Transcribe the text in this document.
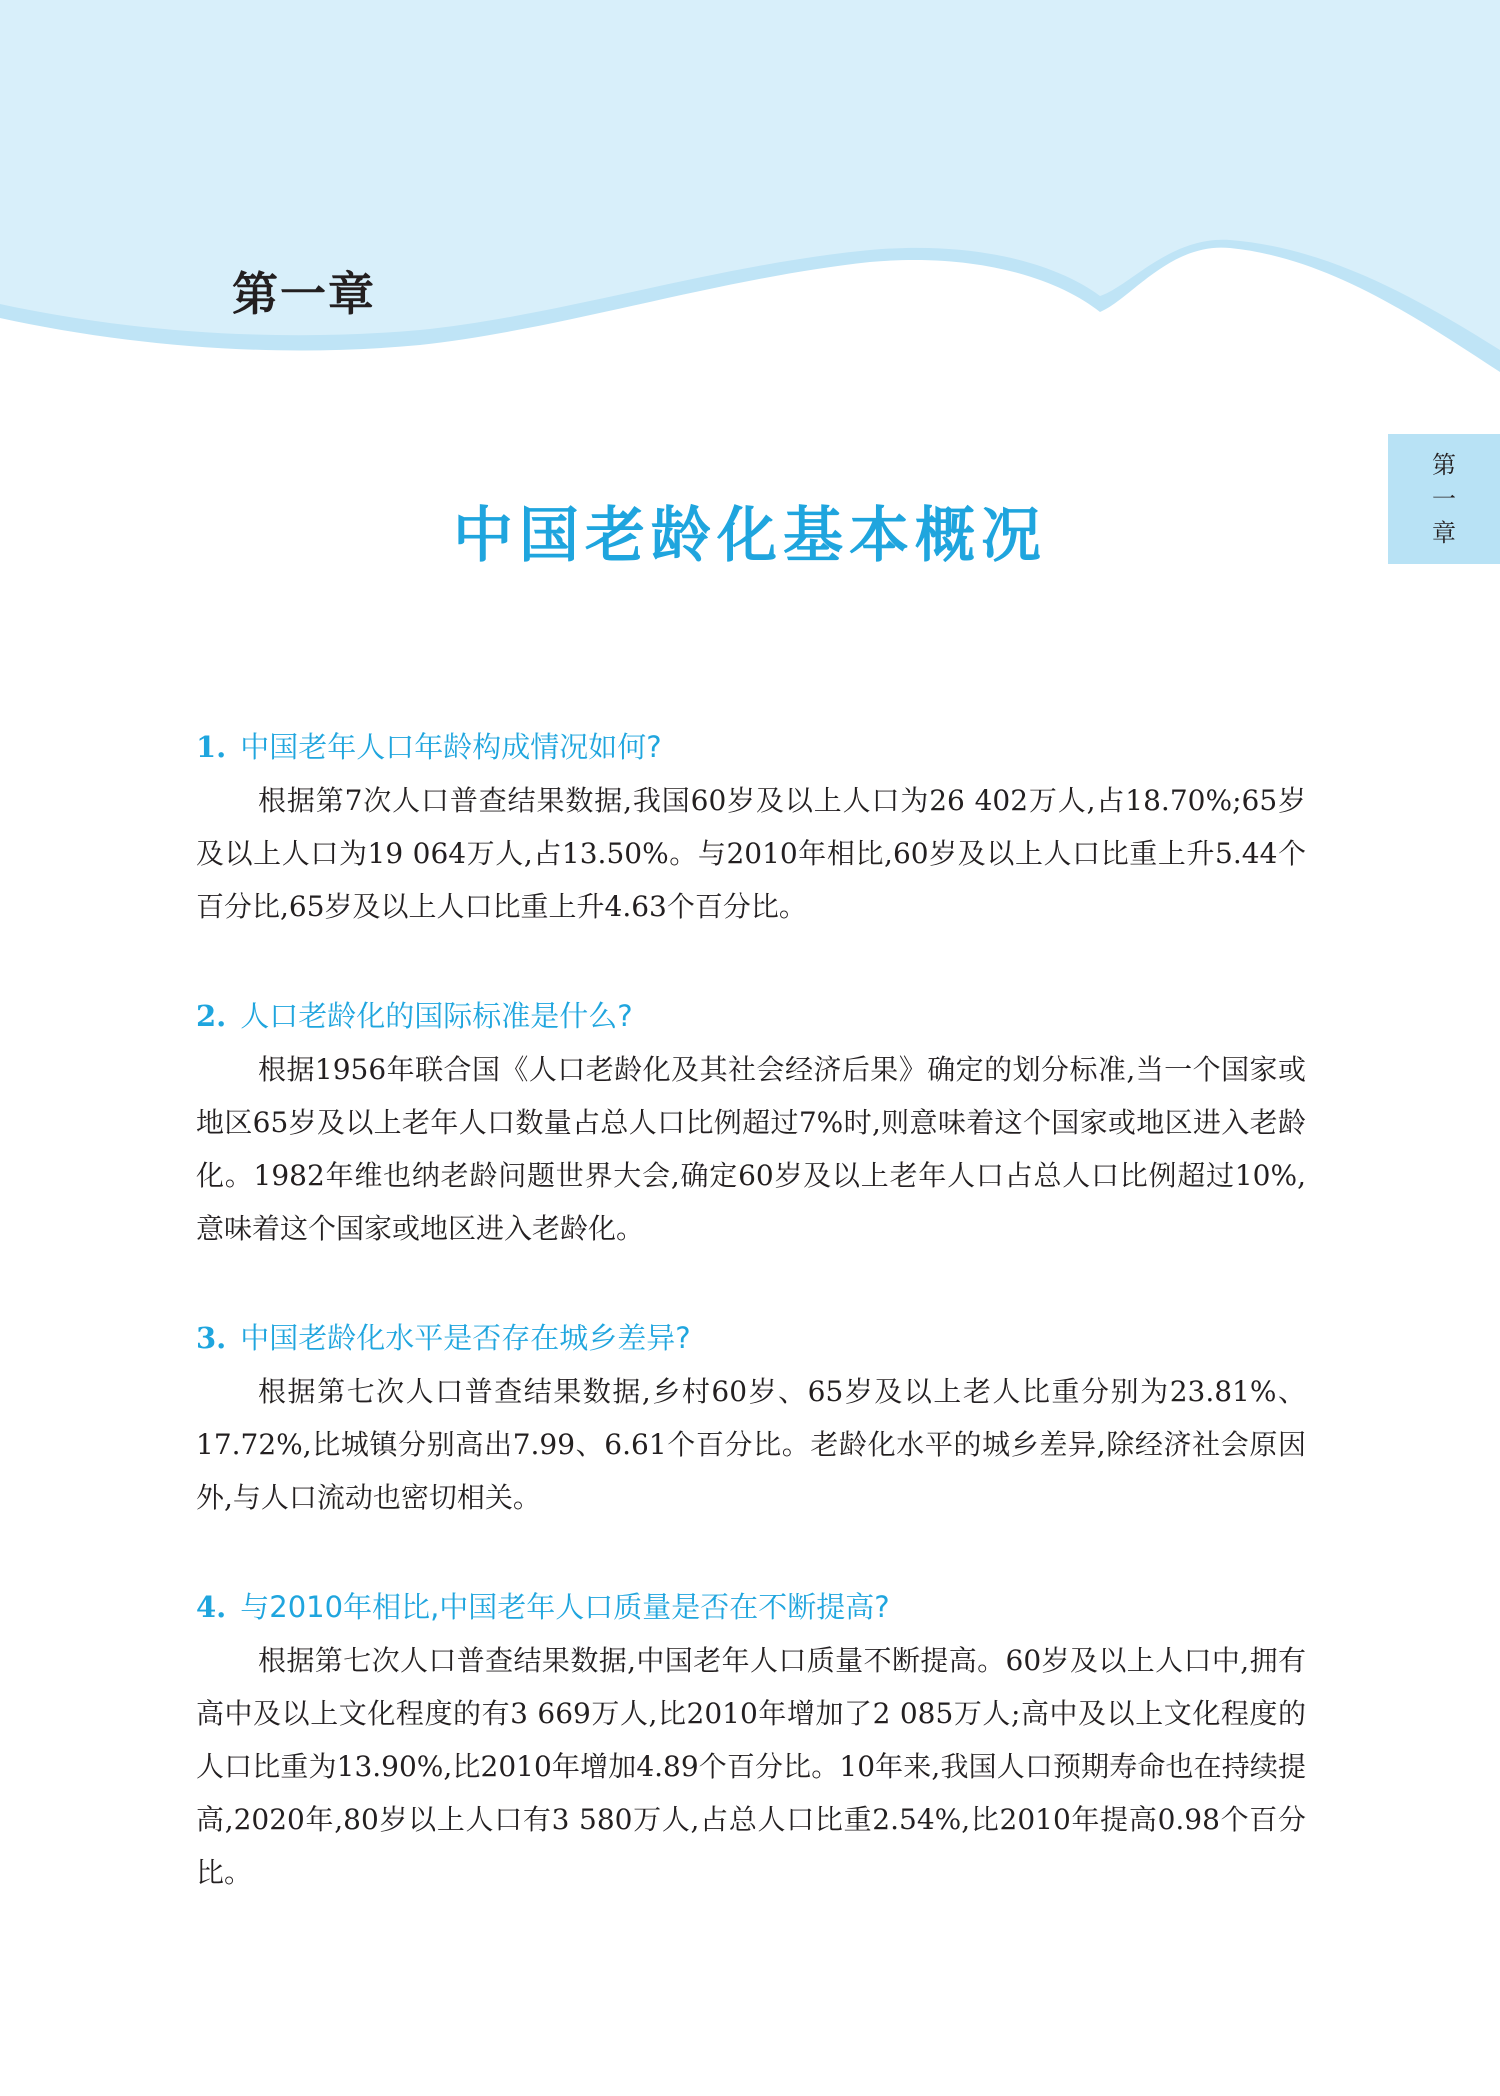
第一章
第
一
章
中国老龄化基本概况
1. 中国老年人口年龄构成情况如何?

根据第7次人口普查结果数据,我国60岁及以上人口为26 402万人,占18.70%;65岁及以上人口为19 064万人,占13.50%。与2010年相比,60岁及以上人口比重上升5.44个百分比,65岁及以上人口比重上升4.63个百分比。

2. 人口老龄化的国际标准是什么?

根据1956年联合国《人口老龄化及其社会经济后果》确定的划分标准,当一个国家或地区65岁及以上老年人口数量占总人口比例超过7%时,则意味着这个国家或地区进入老龄化。1982年维也纳老龄问题世界大会,确定60岁及以上老年人口占总人口比例超过10%,意味着这个国家或地区进入老龄化。

3. 中国老龄化水平是否存在城乡差异?

根据第七次人口普查结果数据,乡村60岁、65岁及以上老人比重分别为23.81%、17.72%,比城镇分别高出7.99、6.61个百分比。老龄化水平的城乡差异,除经济社会原因外,与人口流动也密切相关。

4. 与2010年相比,中国老年人口质量是否在不断提高?

根据第七次人口普查结果数据,中国老年人口质量不断提高。60岁及以上人口中,拥有高中及以上文化程度的有3 669万人,比2010年增加了2 085万人;高中及以上文化程度的人口比重为13.90%,比2010年增加4.89个百分比。10年来,我国人口预期寿命也在持续提高,2020年,80岁以上人口有3 580万人,占总人口比重2.54%,比2010年提高0.98个百分比。
